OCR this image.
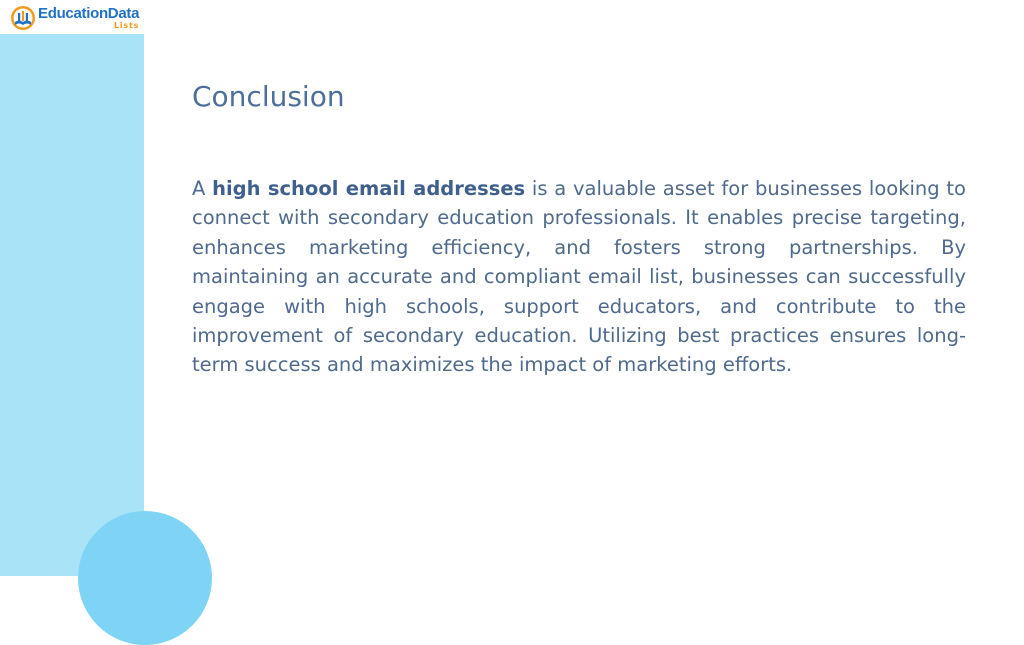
EducationData
Lists
Conclusion

A high school email addresses is a valuable asset for businesses looking to connect with secondary education professionals. It enables precise targeting, enhances marketing efficiency, and fosters strong partnerships. By maintaining an accurate and compliant email list, businesses can successfully engage with high schools, support educators, and contribute to the improvement of secondary education. Utilizing best practices ensures long-term success and maximizes the impact of marketing efforts.
